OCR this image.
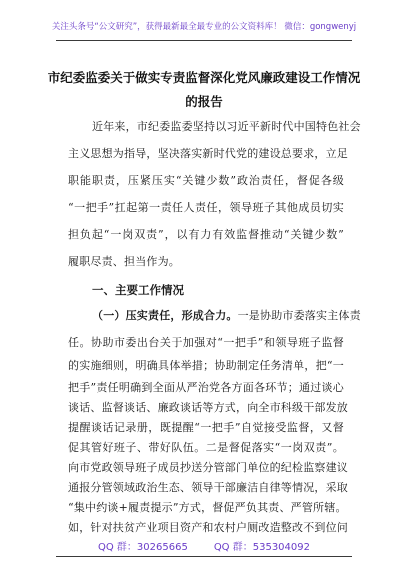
关注头条号“公文研究”，获得最新最全最专业的公文资料库！ 微信：gongwenyj
市纪委监委关于做实专责监督深化党风廉政建设工作情况
的报告
近年来，市纪委监委坚持以习近平新时代中国特色社会
主义思想为指导，坚决落实新时代党的建设总要求，立足
职能职责，压紧压实“关键少数”政治责任，督促各级
“一把手”扛起第一责任人责任，领导班子其他成员切实
担负起“一岗双责”，以有力有效监督推动“关键少数”
履职尽责、担当作为。
一、主要工作情况
（一）压实责任，形成合力。一是协助市委落实主体责
任。协助市委出台关于加强对“一把手”和领导班子监督
的实施细则，明确具体举措；协助制定任务清单，把“一
把手”责任明确到全面从严治党各方面各环节；通过谈心
谈话、监督谈话、廉政谈话等方式，向全市科级干部发放
提醒谈话记录册，既提醒“一把手”自觉接受监督，又督
促其管好班子、带好队伍。二是督促落实“一岗双责”。
向市党政领导班子成员抄送分管部门单位的纪检监察建议
通报分管领域政治生态、领导干部廉洁自律等情况，采取
“集中约谈+履责提示”方式，督促严负其责、严管所辖。
QQ 群：30265665	QQ 群：535304092
如，针对扶贫产业项目资产和农村户厕改造整改不到位问
